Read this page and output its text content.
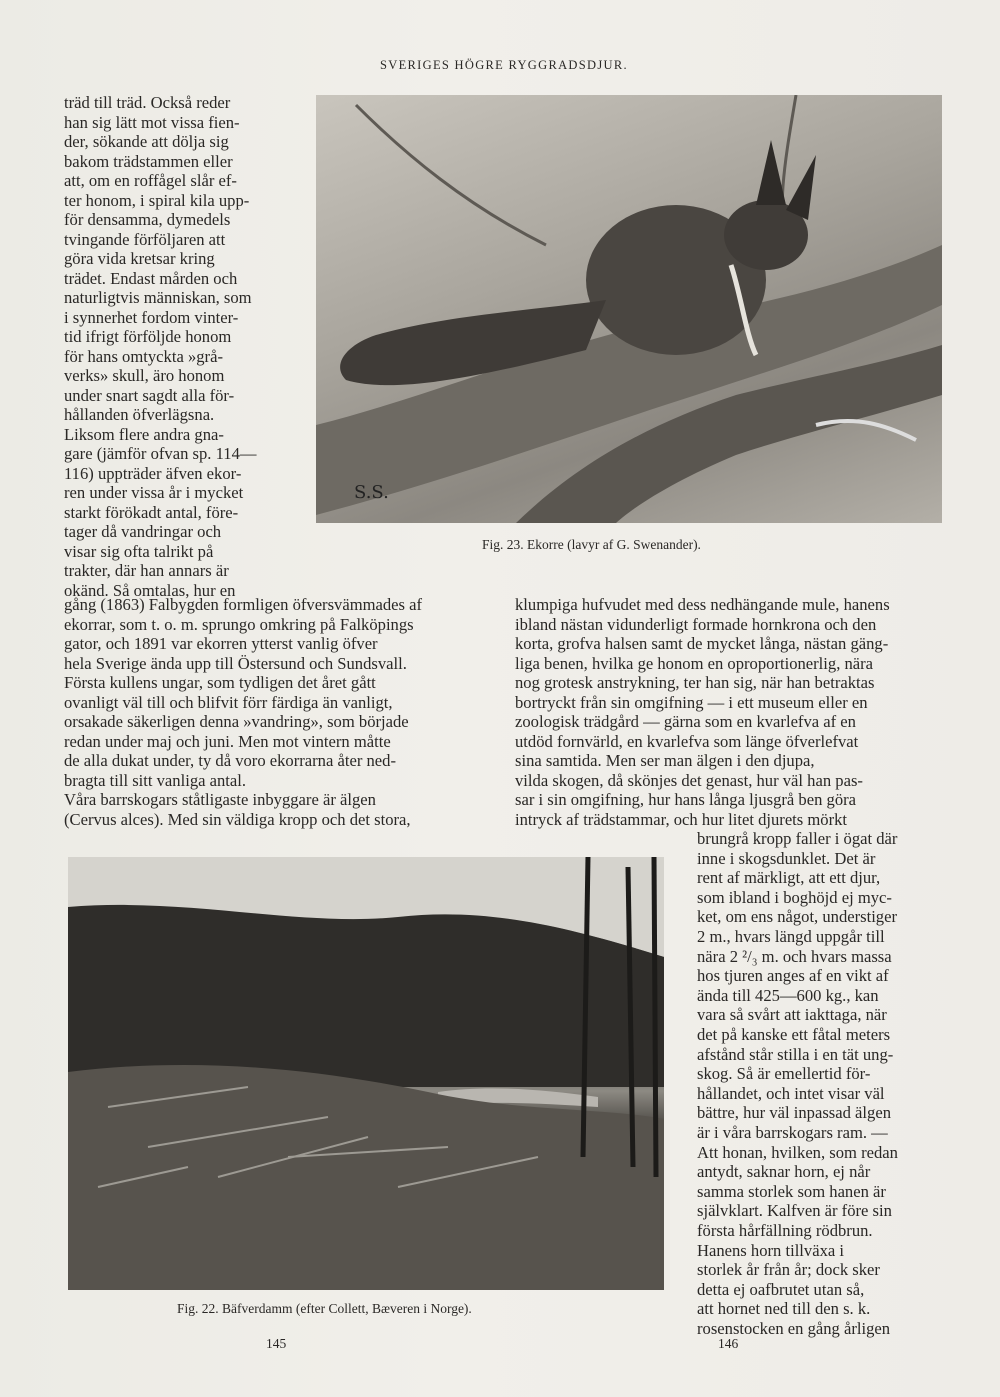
SVERIGES HÖGRE RYGGRADSDJUR.
träd till träd. Också reder
han sig lätt mot vissa fien-
der, sökande att dölja sig
bakom trädstammen eller
att, om en roffågel slår ef-
ter honom, i spiral kila upp-
för densamma, dymedels
tvingande förföljaren att
göra vida kretsar kring
trädet. Endast mården och
naturligtvis människan, som
i synnerhet fordom vinter-
tid ifrigt förföljde honom
för hans omtyckta »grå-
verks» skull, äro honom
under snart sagdt alla för-
hållanden öfverlägsna.
Liksom flere andra gna-
gare (jämför ofvan sp. 114—
116) uppträder äfven ekor-
ren under vissa år i mycket
starkt förökadt antal, före-
tager då vandringar och
visar sig ofta talrikt på
trakter, där han annars är
okänd. Så omtalas, hur en
gång (1863) Falbygden formligen öfversvämmades af
ekorrar, som t. o. m. sprungo omkring på Falköpings
gator, och 1891 var ekorren ytterst vanlig öfver
hela Sverige ända upp till Östersund och Sundsvall.
Första kullens ungar, som tydligen det året gått
ovanligt väl till och blifvit förr färdiga än vanligt,
orsakade säkerligen denna »vandring», som började
redan under maj och juni. Men mot vintern måtte
de alla dukat under, ty då voro ekorrarna åter ned-
bragta till sitt vanliga antal.
Våra barrskogars ståtligaste inbyggare är älgen
(Cervus alces). Med sin väldiga kropp och det stora,
klumpiga hufvudet med dess nedhängande mule, hanens
ibland nästan vidunderligt formade hornkrona och den
korta, grofva halsen samt de mycket långa, nästan gäng-
liga benen, hvilka ge honom en oproportionerlig, nära
nog grotesk anstrykning, ter han sig, när han betraktas
bortryckt från sin omgifning — i ett museum eller en
zoologisk trädgård — gärna som en kvarlefva af en
utdöd fornvärld, en kvarlefva som länge öfverlefvat
sina samtida. Men ser man älgen i den djupa,
vilda skogen, då skönjes det genast, hur väl han pas-
sar i sin omgifning, hur hans långa ljusgrå ben göra
intryck af trädstammar, och hur litet djurets mörkt
brungrå kropp faller i ögat där
inne i skogsdunklet. Det är
rent af märkligt, att ett djur,
som ibland i boghöjd ej myc-
ket, om ens något, understiger
2 m., hvars längd uppgår till
nära 2 ²/₃ m. och hvars massa
hos tjuren anges af en vikt af
ända till 425—600 kg., kan
vara så svårt att iakttaga, när
det på kanske ett fåtal meters
afstånd står stilla i en tät ung-
skog. Så är emellertid för-
hållandet, och intet visar väl
bättre, hur väl inpassad älgen
är i våra barrskogars ram. —
Att honan, hvilken, som redan
antydt, saknar horn, ej når
samma storlek som hanen är
självklart. Kalfven är före sin
första hårfällning rödbrun.
Hanens horn tillväxa i
storlek år från år; dock sker
detta ej oafbrutet utan så,
att hornet ned till den s. k.
rosenstocken en gång årligen
S.S.
Fig. 23. Ekorre (lavyr af G. Swenander).
Fig. 22. Bäfverdamm (efter Collett, Bæveren i Norge).
145	146
